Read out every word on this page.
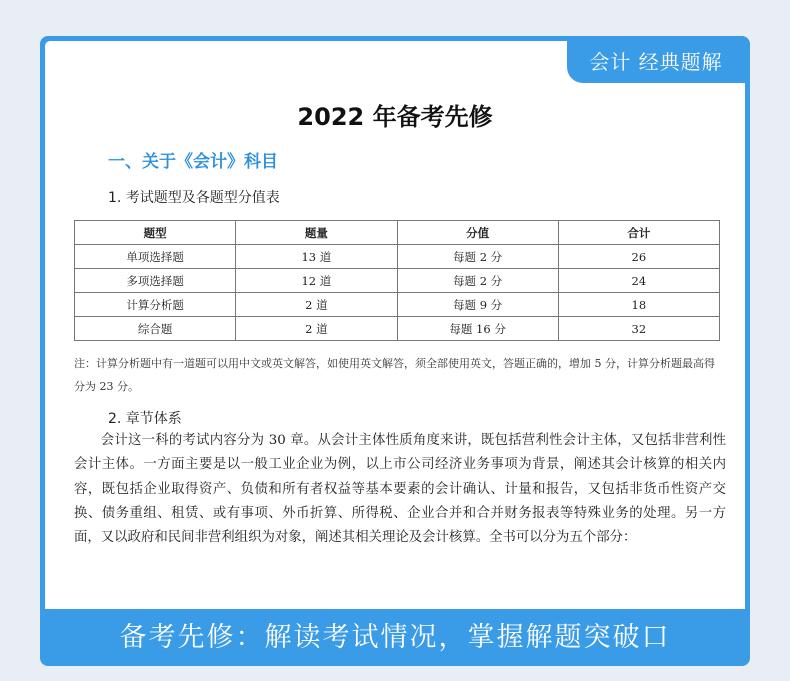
会计 经典题解
2022 年备考先修
一、关于《会计》科目
1. 考试题型及各题型分值表
题型	题量	分值	合计
单项选择题	13 道	每题 2 分	26
多项选择题	12 道	每题 2 分	24
计算分析题	2 道	每题 9 分	18
综合题	2 道	每题 16 分	32
注：计算分析题中有一道题可以用中文或英文解答，如使用英文解答，须全部使用英文，答题正确的，增加 5 分，计算分析题最高得分为 23 分。
2. 章节体系
会计这一科的考试内容分为 30 章。从会计主体性质角度来讲，既包括营利性会计主体，又包括非营利性会计主体。一方面主要是以一般工业企业为例，以上市公司经济业务事项为背景，阐述其会计核算的相关内容，既包括企业取得资产、负债和所有者权益等基本要素的会计确认、计量和报告，又包括非货币性资产交换、债务重组、租赁、或有事项、外币折算、所得税、企业合并和合并财务报表等特殊业务的处理。另一方面，又以政府和民间非营利组织为对象，阐述其相关理论及会计核算。全书可以分为五个部分：
备考先修：解读考试情况，掌握解题突破口
